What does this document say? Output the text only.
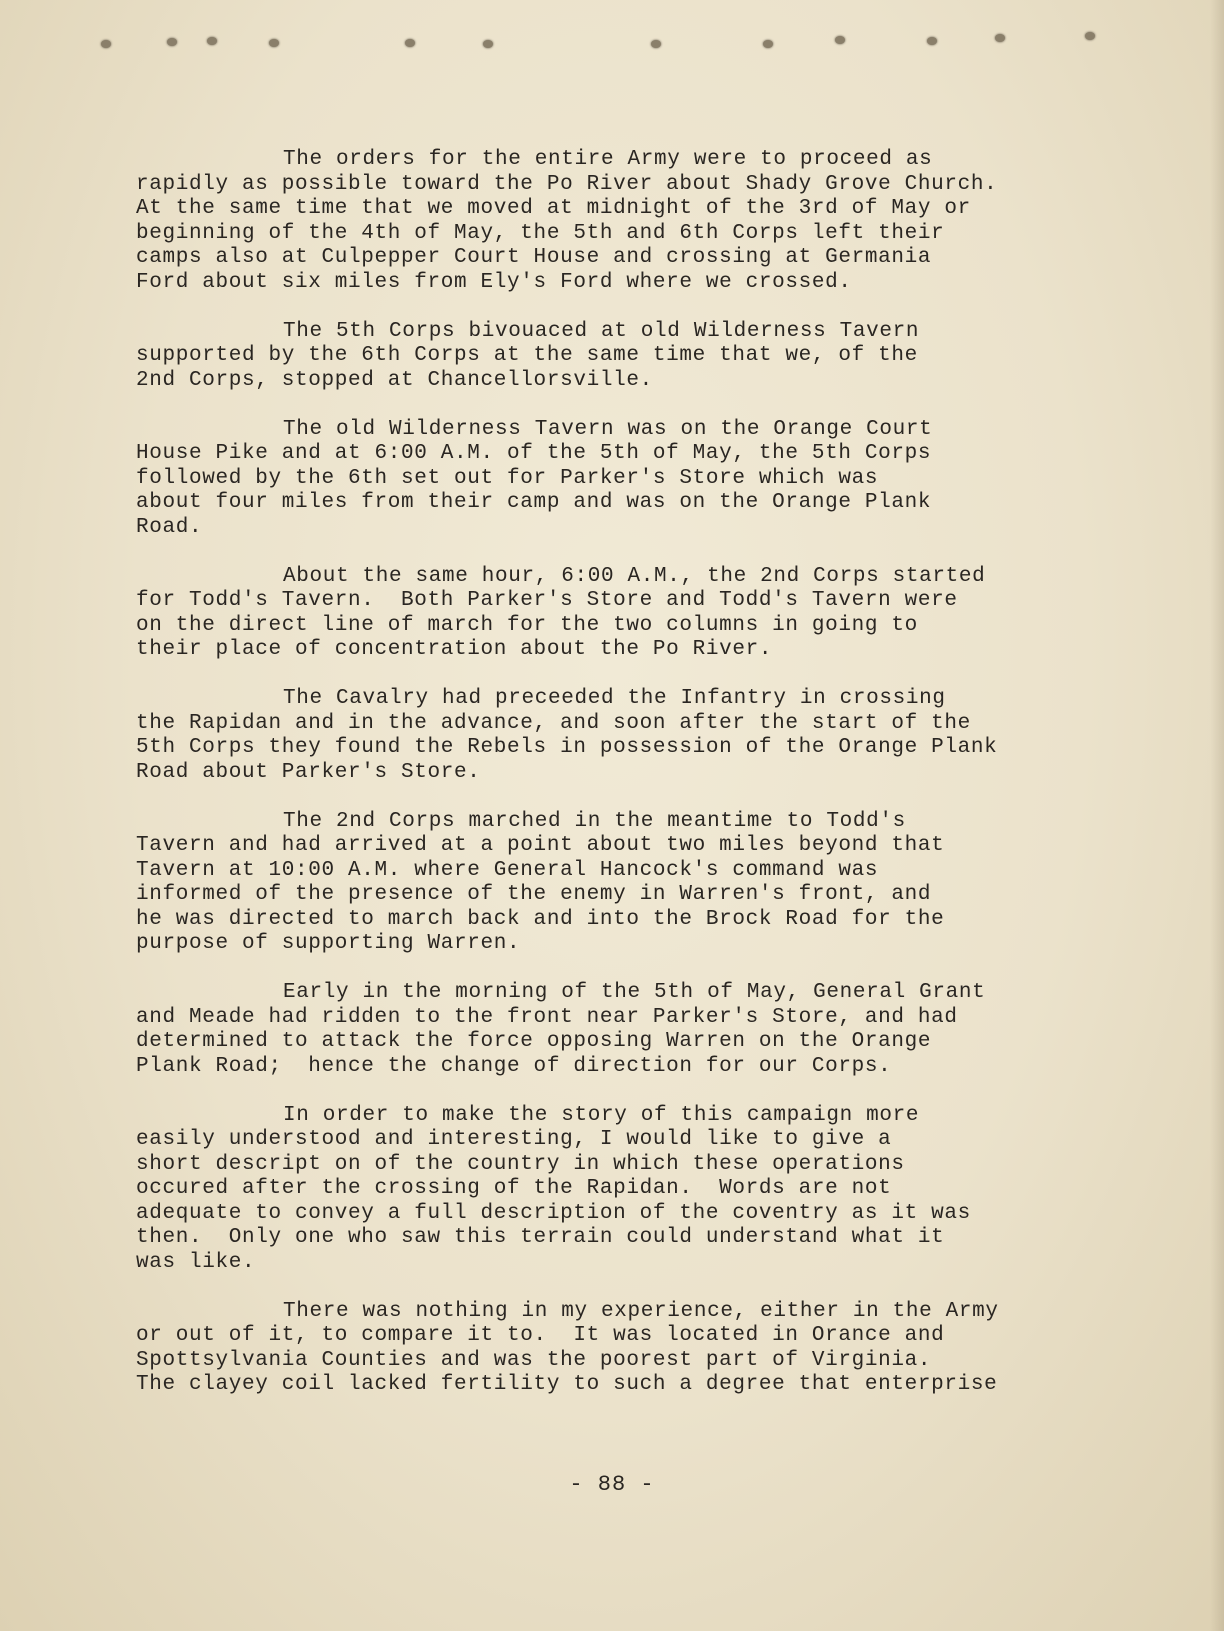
The orders for the entire Army were to proceed as
rapidly as possible toward the Po River about Shady Grove Church.
At the same time that we moved at midnight of the 3rd of May or
beginning of the 4th of May, the 5th and 6th Corps left their
camps also at Culpepper Court House and crossing at Germania
Ford about six miles from Ely's Ford where we crossed.
The 5th Corps bivouaced at old Wilderness Tavern
supported by the 6th Corps at the same time that we, of the
2nd Corps, stopped at Chancellorsville.
The old Wilderness Tavern was on the Orange Court
House Pike and at 6:00 A.M. of the 5th of May, the 5th Corps
followed by the 6th set out for Parker's Store which was
about four miles from their camp and was on the Orange Plank
Road.
About the same hour, 6:00 A.M., the 2nd Corps started
for Todd's Tavern.  Both Parker's Store and Todd's Tavern were
on the direct line of march for the two columns in going to
their place of concentration about the Po River.
The Cavalry had preceeded the Infantry in crossing
the Rapidan and in the advance, and soon after the start of the
5th Corps they found the Rebels in possession of the Orange Plank
Road about Parker's Store.
The 2nd Corps marched in the meantime to Todd's
Tavern and had arrived at a point about two miles beyond that
Tavern at 10:00 A.M. where General Hancock's command was
informed of the presence of the enemy in Warren's front, and
he was directed to march back and into the Brock Road for the
purpose of supporting Warren.
Early in the morning of the 5th of May, General Grant
and Meade had ridden to the front near Parker's Store, and had
determined to attack the force opposing Warren on the Orange
Plank Road;  hence the change of direction for our Corps.
In order to make the story of this campaign more
easily understood and interesting, I would like to give a
short descript on of the country in which these operations
occured after the crossing of the Rapidan.  Words are not
adequate to convey a full description of the coventry as it was
then.  Only one who saw this terrain could understand what it
was like.
There was nothing in my experience, either in the Army
or out of it, to compare it to.  It was located in Orance and
Spottsylvania Counties and was the poorest part of Virginia.
The clayey coil lacked fertility to such a degree that enterprise
- 88 -
